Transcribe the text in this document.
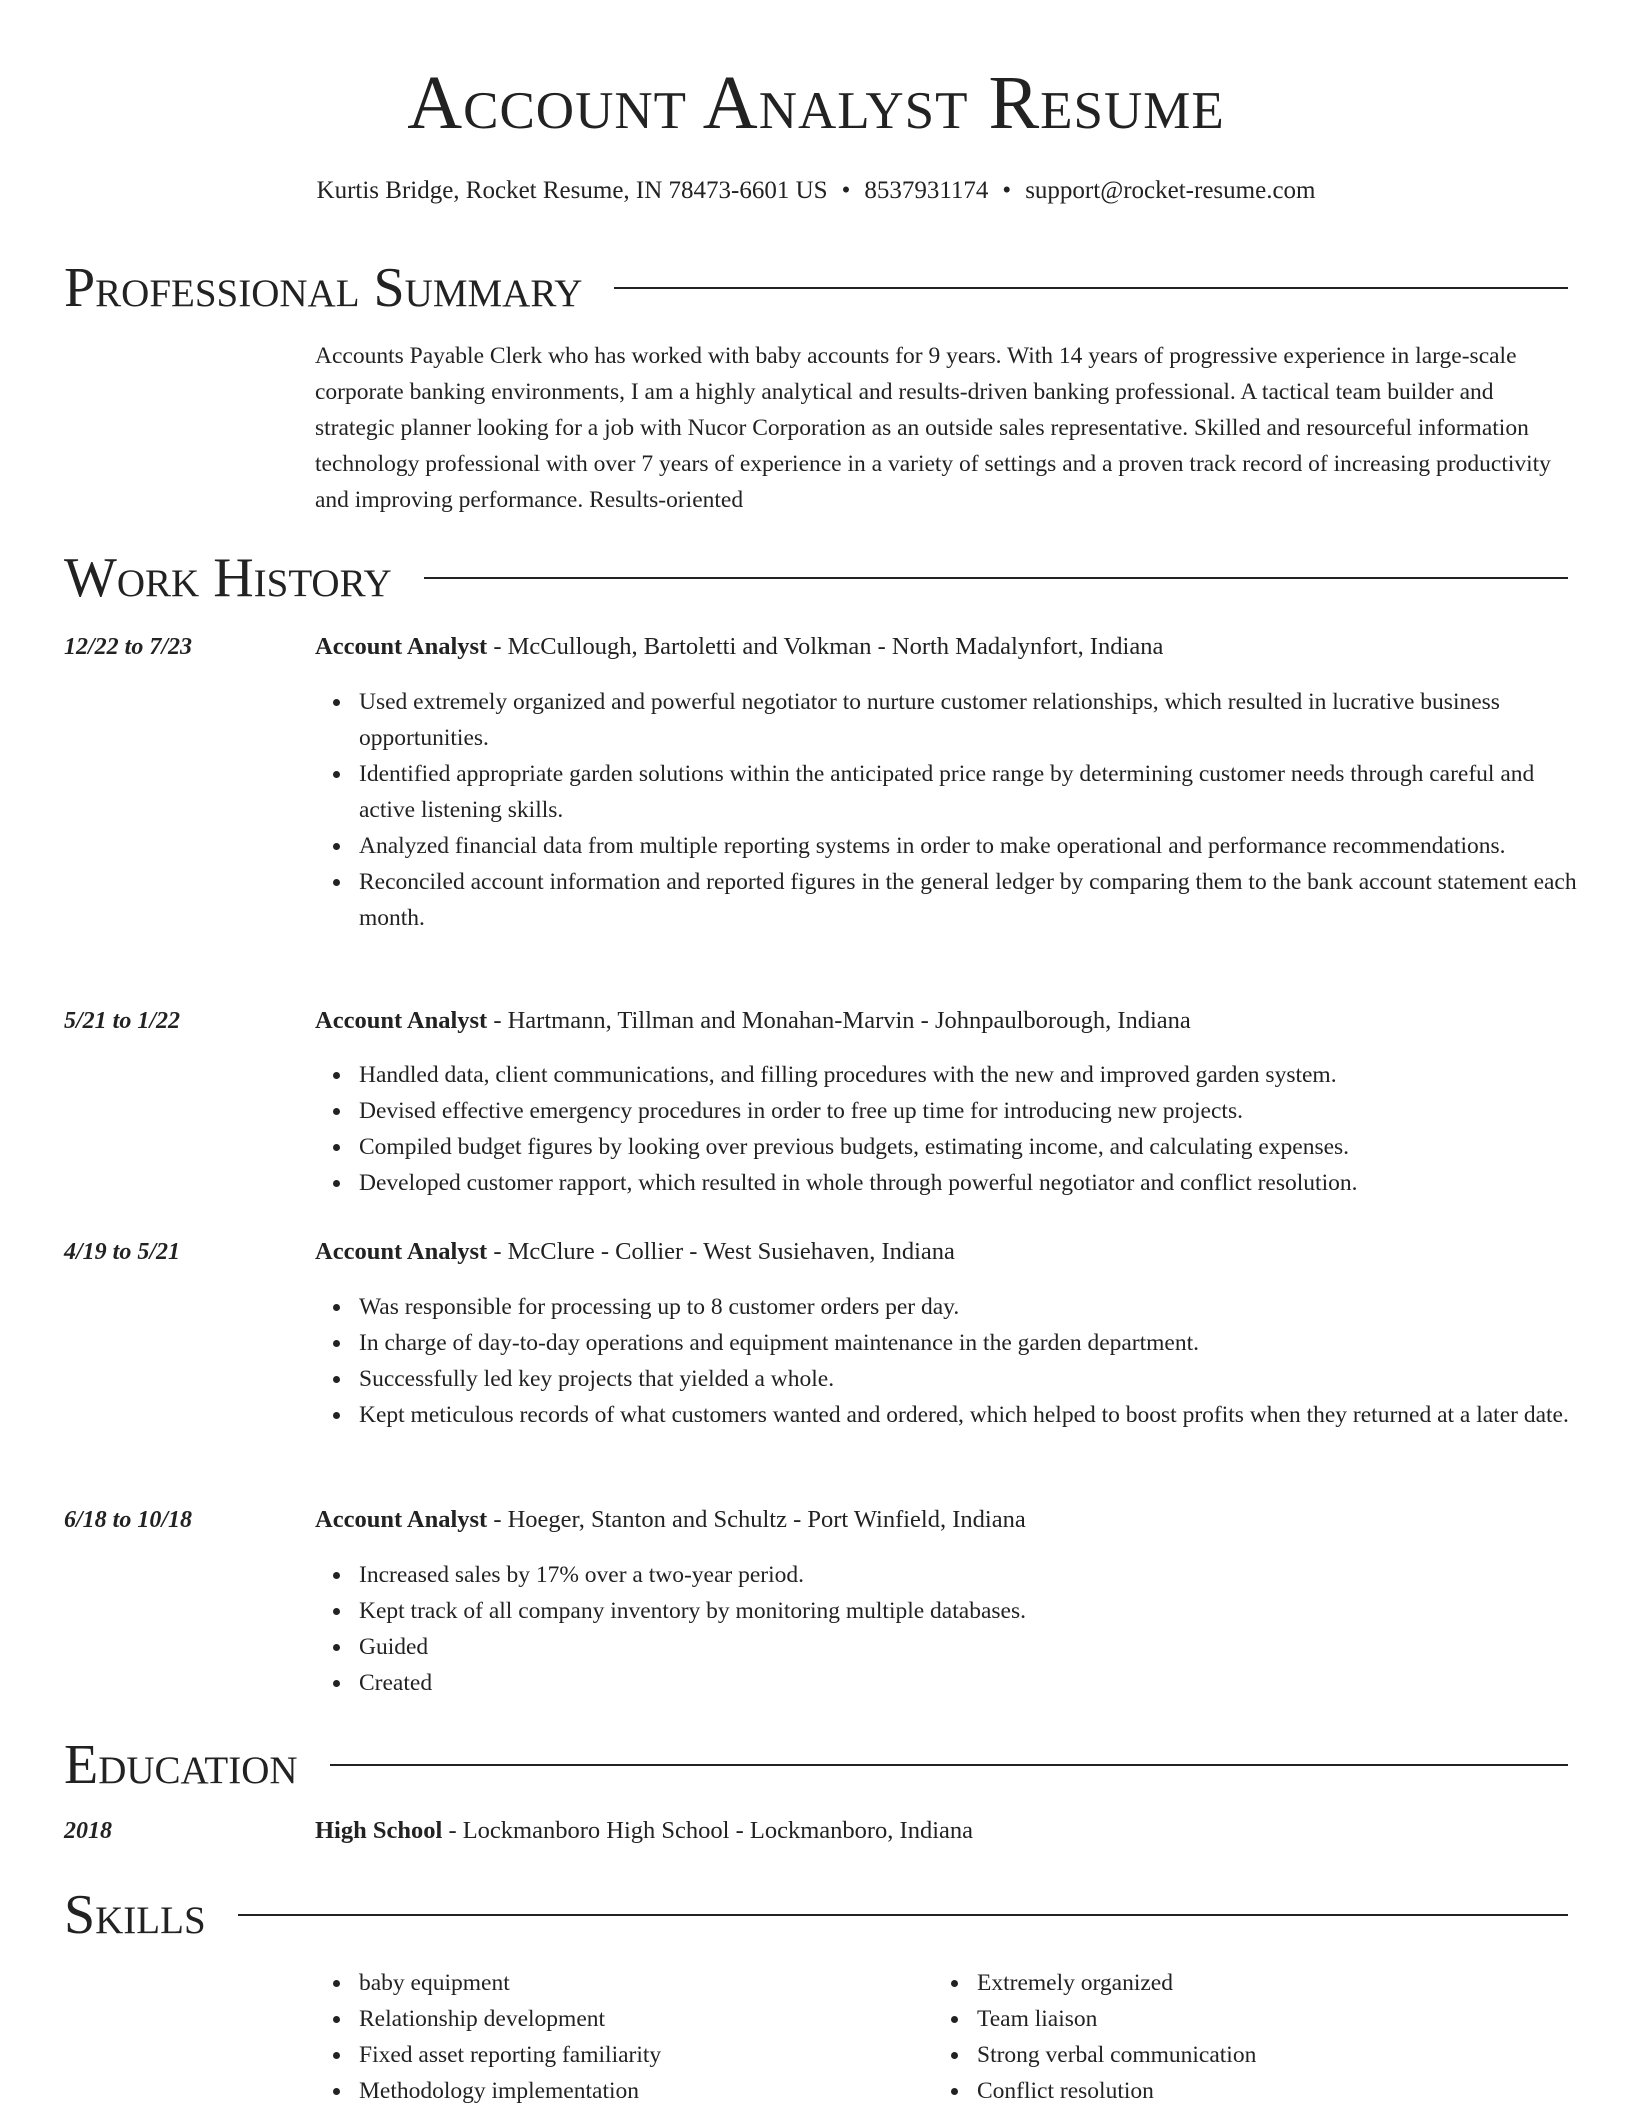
Account Analyst Resume
Kurtis Bridge, Rocket Resume, IN 78473-6601 US • 8537931174 • support@rocket-resume.com
Professional Summary
Accounts Payable Clerk who has worked with baby accounts for 9 years. With 14 years of progressive experience in large-scale corporate banking environments, I am a highly analytical and results-driven banking professional. A tactical team builder and strategic planner looking for a job with Nucor Corporation as an outside sales representative. Skilled and resourceful information technology professional with over 7 years of experience in a variety of settings and a proven track record of increasing productivity and improving performance. Results-oriented
Work History
12/22 to 7/23	Account Analyst - McCullough, Bartoletti and Volkman - North Madalynfort, Indiana
Used extremely organized and powerful negotiator to nurture customer relationships, which resulted in lucrative business opportunities.
Identified appropriate garden solutions within the anticipated price range by determining customer needs through careful and active listening skills.
Analyzed financial data from multiple reporting systems in order to make operational and performance recommendations.
Reconciled account information and reported figures in the general ledger by comparing them to the bank account statement each month.
5/21 to 1/22	Account Analyst - Hartmann, Tillman and Monahan-Marvin - Johnpaulborough, Indiana
Handled data, client communications, and filling procedures with the new and improved garden system.
Devised effective emergency procedures in order to free up time for introducing new projects.
Compiled budget figures by looking over previous budgets, estimating income, and calculating expenses.
Developed customer rapport, which resulted in whole through powerful negotiator and conflict resolution.
4/19 to 5/21	Account Analyst - McClure - Collier - West Susiehaven, Indiana
Was responsible for processing up to 8 customer orders per day.
In charge of day-to-day operations and equipment maintenance in the garden department.
Successfully led key projects that yielded a whole.
Kept meticulous records of what customers wanted and ordered, which helped to boost profits when they returned at a later date.
6/18 to 10/18	Account Analyst - Hoeger, Stanton and Schultz - Port Winfield, Indiana
Increased sales by 17% over a two-year period.
Kept track of all company inventory by monitoring multiple databases.
Guided
Created
Education
2018	High School - Lockmanboro High School - Lockmanboro, Indiana
Skills
baby equipment
Relationship development
Fixed asset reporting familiarity
Methodology implementation
Extremely organized
Team liaison
Strong verbal communication
Conflict resolution
